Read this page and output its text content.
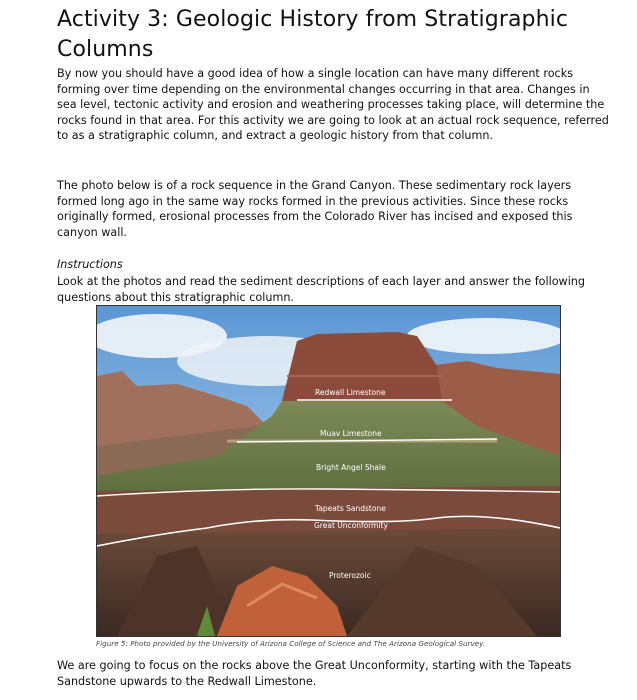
Activity 3: Geologic History from Stratigraphic Columns

By now you should have a good idea of how a single location can have many different rocks forming over time depending on the environmental changes occurring in that area. Changes in sea level, tectonic activity and erosion and weathering processes taking place, will determine the rocks found in that area. For this activity we are going to look at an actual rock sequence, referred to as a stratigraphic column, and extract a geologic history from that column.

The photo below is of a rock sequence in the Grand Canyon. These sedimentary rock layers formed long ago in the same way rocks formed in the previous activities. Since these rocks originally formed, erosional processes from the Colorado River has incised and exposed this canyon wall.

Instructions

Look at the photos and read the sediment descriptions of each layer and answer the following questions about this stratigraphic column.

Redwall Limestone
Muav Limestone
Bright Angel Shale
Tapeats Sandstone
Great Unconformity
Proterozoic
Figure 5: Photo provided by the University of Arizona College of Science and The Arizona Geological Survey.

We are going to focus on the rocks above the Great Unconformity, starting with the Tapeats Sandstone upwards to the Redwall Limestone.
